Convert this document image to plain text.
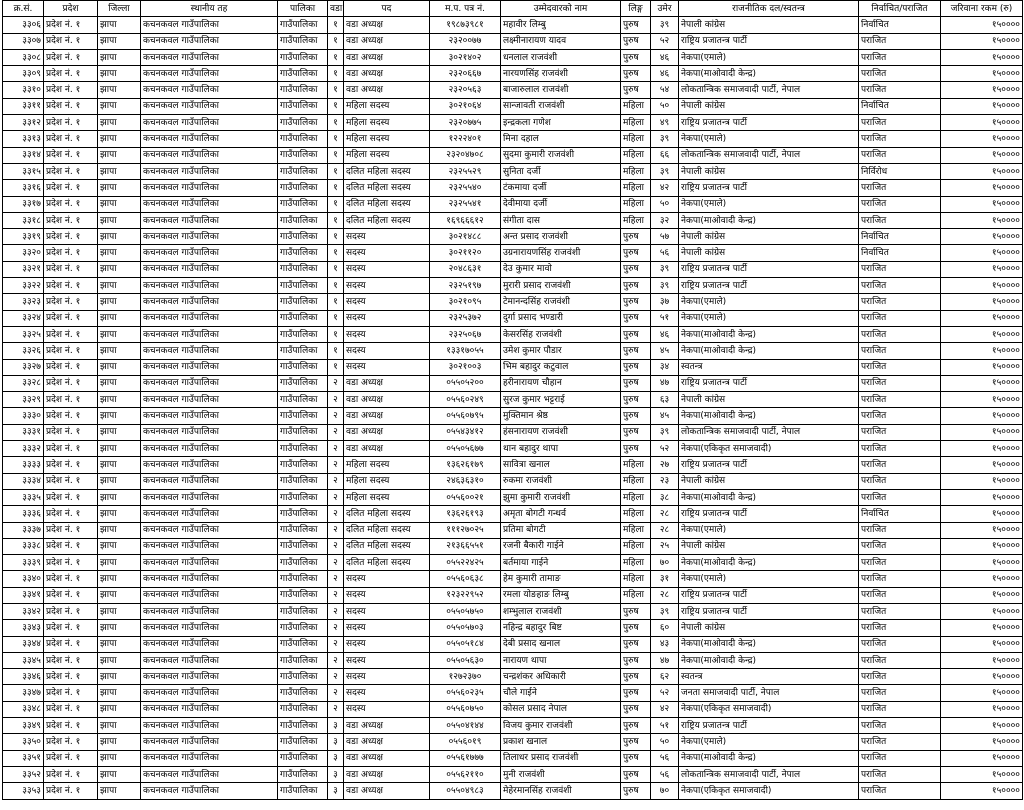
क्र.सं.	प्रदेश	जिल्ला	स्थानीय तह	पालिका	वडा	पद	म.प. पत्र नं.	उम्मेदवारको नाम	लिङ्ग	उमेर	राजनीतिक दल/स्वतन्त्र	निर्वाचित/पराजित	जरिवाना रकम (रु)
३३०६	प्रदेश नं. १	झापा	कचनकवल गाउँपालिका	गाउँपालिका	१	वडा अध्यक्ष	१९८७३९८१	महावीर लिम्बु	पुरुष	३९	नेपाली कांग्रेस	निर्वाचित	१५००००
३३०७	प्रदेश नं. १	झापा	कचनकवल गाउँपालिका	गाउँपालिका	१	वडा अध्यक्ष	२३२००७७	लक्ष्मीनारायण यादव	पुरुष	५२	राष्ट्रिय प्रजातन्त्र पार्टी	पराजित	१५००००
३३०८	प्रदेश नं. १	झापा	कचनकवल गाउँपालिका	गाउँपालिका	१	वडा अध्यक्ष	३०२१४०२	धनलाल राजवंशी	पुरुष	४६	नेकपा(एमाले)	पराजित	१५००००
३३०९	प्रदेश नं. १	झापा	कचनकवल गाउँपालिका	गाउँपालिका	१	वडा अध्यक्ष	२३२०६६७	नारयणसिंह राजवंशी	पुरुष	४६	नेकपा(माओवादी केन्द्र)	पराजित	१५००००
३३१०	प्रदेश नं. १	झापा	कचनकवल गाउँपालिका	गाउँपालिका	१	वडा अध्यक्ष	२३२०५६३	बाजारुलाल राजवंशी	पुरुष	५४	लोकतान्त्रिक समाजवादी पार्टी, नेपाल	पराजित	१५००००
३३११	प्रदेश नं. १	झापा	कचनकवल गाउँपालिका	गाउँपालिका	१	महिला सदस्य	३०२१०६४	सान्जावती राजवंशी	महिला	५०	नेपाली कांग्रेस	निर्वाचित	१५००००
३३१२	प्रदेश नं. १	झापा	कचनकवल गाउँपालिका	गाउँपालिका	१	महिला सदस्य	२३२०७७५	इन्द्रकला गणेश	महिला	४९	राष्ट्रिय प्रजातन्त्र पार्टी	पराजित	१५००००
३३१३	प्रदेश नं. १	झापा	कचनकवल गाउँपालिका	गाउँपालिका	१	महिला सदस्य	१२२२४०१	मिना दहाल	महिला	३९	नेकपा(एमाले)	पराजित	१५००००
३३१४	प्रदेश नं. १	झापा	कचनकवल गाउँपालिका	गाउँपालिका	१	महिला सदस्य	२३२०४७०८	सुदमा कुमारी राजवंशी	महिला	६६	लोकतान्त्रिक समाजवादी पार्टी, नेपाल	पराजित	१५००००
३३१५	प्रदेश नं. १	झापा	कचनकवल गाउँपालिका	गाउँपालिका	१	दलित महिला सदस्य	२३२५५२९	सुनिता दर्जी	महिला	३९	नेपाली कांग्रेस	निर्विरोध	१५००००
३३१६	प्रदेश नं. १	झापा	कचनकवल गाउँपालिका	गाउँपालिका	१	दलित महिला सदस्य	२३२५५४०	टंकमाया दर्जी	महिला	४२	राष्ट्रिय प्रजातन्त्र पार्टी	पराजित	१५००००
३३१७	प्रदेश नं. १	झापा	कचनकवल गाउँपालिका	गाउँपालिका	१	दलित महिला सदस्य	२३२५५४१	देवीमाया दर्जी	महिला	५०	नेकपा(एमाले)	पराजित	१५००००
३३१८	प्रदेश नं. १	झापा	कचनकवल गाउँपालिका	गाउँपालिका	१	दलित महिला सदस्य	१६९६६६१२	संगीता दास	महिला	३२	नेकपा(माओवादी केन्द्र)	पराजित	१५००००
३३१९	प्रदेश नं. १	झापा	कचनकवल गाउँपालिका	गाउँपालिका	१	सदस्य	३०२१४८८	अन्त प्रसाद राजवंशी	पुरुष	५७	नेपाली कांग्रेस	निर्वाचित	१५००००
३३२०	प्रदेश नं. १	झापा	कचनकवल गाउँपालिका	गाउँपालिका	१	सदस्य	३०२११२०	उग्रनारायणसिंह राजवंशी	पुरुष	५६	नेपाली कांग्रेस	निर्वाचित	१५००००
३३२१	प्रदेश नं. १	झापा	कचनकवल गाउँपालिका	गाउँपालिका	१	सदस्य	२०४८६३१	देउ कुमार मावो	पुरुष	३९	राष्ट्रिय प्रजातन्त्र पार्टी	पराजित	१५००००
३३२२	प्रदेश नं. १	झापा	कचनकवल गाउँपालिका	गाउँपालिका	१	सदस्य	२३२५१९७	मुरारी प्रसाद राजवंशी	पुरुष	३९	राष्ट्रिय प्रजातन्त्र पार्टी	पराजित	१५००००
३३२३	प्रदेश नं. १	झापा	कचनकवल गाउँपालिका	गाउँपालिका	१	सदस्य	३०२१०९५	टेमानन्दसिंह राजवंशी	पुरुष	३७	नेकपा(एमाले)	पराजित	१५००००
३३२४	प्रदेश नं. १	झापा	कचनकवल गाउँपालिका	गाउँपालिका	१	सदस्य	२३२५३७२	दुर्गा प्रसाद भण्डारी	पुरुष	५१	नेकपा(एमाले)	पराजित	१५००००
३३२५	प्रदेश नं. १	झापा	कचनकवल गाउँपालिका	गाउँपालिका	१	सदस्य	२३२५०६७	केसरसिंह राजवंशी	पुरुष	४६	नेकपा(माओवादी केन्द्र)	पराजित	१५००००
३३२६	प्रदेश नं. १	झापा	कचनकवल गाउँपालिका	गाउँपालिका	१	सदस्य	१३३१७०५५	उमेश कुमार पौडार	पुरुष	४५	नेकपा(माओवादी केन्द्र)	पराजित	१५००००
३३२७	प्रदेश नं. १	झापा	कचनकवल गाउँपालिका	गाउँपालिका	१	सदस्य	३०२१००३	भिम बहादुर कटुवाल	पुरुष	३४	स्वतन्त्र	पराजित	१५००००
३३२८	प्रदेश नं. १	झापा	कचनकवल गाउँपालिका	गाउँपालिका	२	वडा अध्यक्ष	०५५०५२००	हरीनारायण चौहान	पुरुष	४७	राष्ट्रिय प्रजातन्त्र पार्टी	पराजित	१५००००
३३२९	प्रदेश नं. १	झापा	कचनकवल गाउँपालिका	गाउँपालिका	२	वडा अध्यक्ष	०५५६०२४९	सुरज कुमार भट्टराई	पुरुष	६३	नेपाली कांग्रेस	पराजित	१५००००
३३३०	प्रदेश नं. १	झापा	कचनकवल गाउँपालिका	गाउँपालिका	२	वडा अध्यक्ष	०५५६०७९५	मुक्तिमान श्रेष्ठ	पुरुष	४५	नेकपा(माओवादी केन्द्र)	पराजित	१५००००
३३३१	प्रदेश नं. १	झापा	कचनकवल गाउँपालिका	गाउँपालिका	२	वडा अध्यक्ष	०५५४३४१२	हंसनारायण राजवंशी	पुरुष	३९	लोकतान्त्रिक समाजवादी पार्टी, नेपाल	पराजित	१५००००
३३३२	प्रदेश नं. १	झापा	कचनकवल गाउँपालिका	गाउँपालिका	२	वडा अध्यक्ष	०५५०५६७७	थान बहादुर थापा	पुरुष	५२	नेकपा(एकिकृत समाजवादी)	पराजित	१५००००
३३३३	प्रदेश नं. १	झापा	कचनकवल गाउँपालिका	गाउँपालिका	२	महिला सदस्य	१३६२६१७९	सावित्रा खनाल	महिला	२७	राष्ट्रिय प्रजातन्त्र पार्टी	पराजित	१५००००
३३३४	प्रदेश नं. १	झापा	कचनकवल गाउँपालिका	गाउँपालिका	२	महिला सदस्य	२४६३६३१०	रुकमा राजवंशी	महिला	२३	नेपाली कांग्रेस	पराजित	१५००००
३३३५	प्रदेश नं. १	झापा	कचनकवल गाउँपालिका	गाउँपालिका	२	महिला सदस्य	०५५६००२१	झुमा कुमारी राजवंशी	महिला	३८	नेकपा(माओवादी केन्द्र)	पराजित	१५००००
३३३६	प्रदेश नं. १	झापा	कचनकवल गाउँपालिका	गाउँपालिका	२	दलित महिला सदस्य	१३६२६१९३	अमृता बोगटी गन्धर्व	महिला	२८	राष्ट्रिय प्रजातन्त्र पार्टी	निर्वाचित	१५००००
३३३७	प्रदेश नं. १	झापा	कचनकवल गाउँपालिका	गाउँपालिका	२	दलित महिला सदस्य	१११२७०२५	प्रतिमा बोगटी	महिला	२८	नेकपा(एमाले)	पराजित	१५००००
३३३८	प्रदेश नं. १	झापा	कचनकवल गाउँपालिका	गाउँपालिका	२	दलित महिला सदस्य	२१३६६५५१	रजनी बैकारी गाईने	महिला	२५	नेपाली कांग्रेस	पराजित	१५००००
३३३९	प्रदेश नं. १	झापा	कचनकवल गाउँपालिका	गाउँपालिका	२	दलित महिला सदस्य	०५५२२४२५	बर्तमाया गाईने	महिला	७०	नेकपा(माओवादी केन्द्र)	पराजित	१५००००
३३४०	प्रदेश नं. १	झापा	कचनकवल गाउँपालिका	गाउँपालिका	२	सदस्य	०५५६०६३८	हेम कुमारी तामाङ	महिला	३१	नेकपा(एमाले)	पराजित	१५००००
३३४१	प्रदेश नं. १	झापा	कचनकवल गाउँपालिका	गाउँपालिका	२	सदस्य	१२३२२९५२	रमला योङहाङ लिम्बु	महिला	२८	राष्ट्रिय प्रजातन्त्र पार्टी	पराजित	१५००००
३३४२	प्रदेश नं. १	झापा	कचनकवल गाउँपालिका	गाउँपालिका	२	सदस्य	०५५०५७५०	शम्भुलाल राजवंशी	पुरुष	३९	राष्ट्रिय प्रजातन्त्र पार्टी	पराजित	१५००००
३३४३	प्रदेश नं. १	झापा	कचनकवल गाउँपालिका	गाउँपालिका	२	सदस्य	०५५०५७०३	नहिन्द्र बहादुर बिष्ट	पुरुष	६०	नेपाली कांग्रेस	पराजित	१५००००
३३४४	प्रदेश नं. १	झापा	कचनकवल गाउँपालिका	गाउँपालिका	२	सदस्य	०५५०५१८४	देबी प्रसाद खनाल	पुरुष	४३	नेकपा(माओवादी केन्द्र)	पराजित	१५००००
३३४५	प्रदेश नं. १	झापा	कचनकवल गाउँपालिका	गाउँपालिका	२	सदस्य	०५५०५६३०	नारायण थापा	पुरुष	४७	नेकपा(माओवादी केन्द्र)	पराजित	१५००००
३३४६	प्रदेश नं. १	झापा	कचनकवल गाउँपालिका	गाउँपालिका	२	सदस्य	१२७२३७०	चन्द्रशंकर अधिकारी	पुरुष	६२	स्वतन्त्र	पराजित	१५००००
३३४७	प्रदेश नं. १	झापा	कचनकवल गाउँपालिका	गाउँपालिका	२	सदस्य	०५५६०२३५	चौले गाईने	पुरुष	५२	जनता समाजवादी पार्टी, नेपाल	पराजित	१५००००
३३४८	प्रदेश नं. १	झापा	कचनकवल गाउँपालिका	गाउँपालिका	२	सदस्य	०५५६०७५०	कोसल प्रसाद नेपाल	पुरुष	४२	नेकपा(एकिकृत समाजवादी)	पराजित	१५००००
३३४९	प्रदेश नं. १	झापा	कचनकवल गाउँपालिका	गाउँपालिका	३	वडा अध्यक्ष	०५५०४१४४	विजय कुमार राजवंशी	पुरुष	५१	राष्ट्रिय प्रजातन्त्र पार्टी	पराजित	१५००००
३३५०	प्रदेश नं. १	झापा	कचनकवल गाउँपालिका	गाउँपालिका	३	वडा अध्यक्ष	०५५६०१९	प्रकाश खनाल	पुरुष	५०	नेकपा(एमाले)	पराजित	१५००००
३३५१	प्रदेश नं. १	झापा	कचनकवल गाउँपालिका	गाउँपालिका	३	वडा अध्यक्ष	०५५६१७७७	तिलाधर प्रसाद राजवंशी	पुरुष	५६	नेकपा(माओवादी केन्द्र)	पराजित	१५००००
३३५२	प्रदेश नं. १	झापा	कचनकवल गाउँपालिका	गाउँपालिका	३	वडा अध्यक्ष	०५५६२११०	मुनी राजवंशी	पुरुष	५६	लोकतान्त्रिक समाजवादी पार्टी, नेपाल	पराजित	१५००००
३३५३	प्रदेश नं. १	झापा	कचनकवल गाउँपालिका	गाउँपालिका	३	वडा अध्यक्ष	०५५०४९८३	मेहेरमानसिंह राजवंशी	पुरुष	७०	नेकपा(एकिकृत समाजवादी)	पराजित	१५००००
